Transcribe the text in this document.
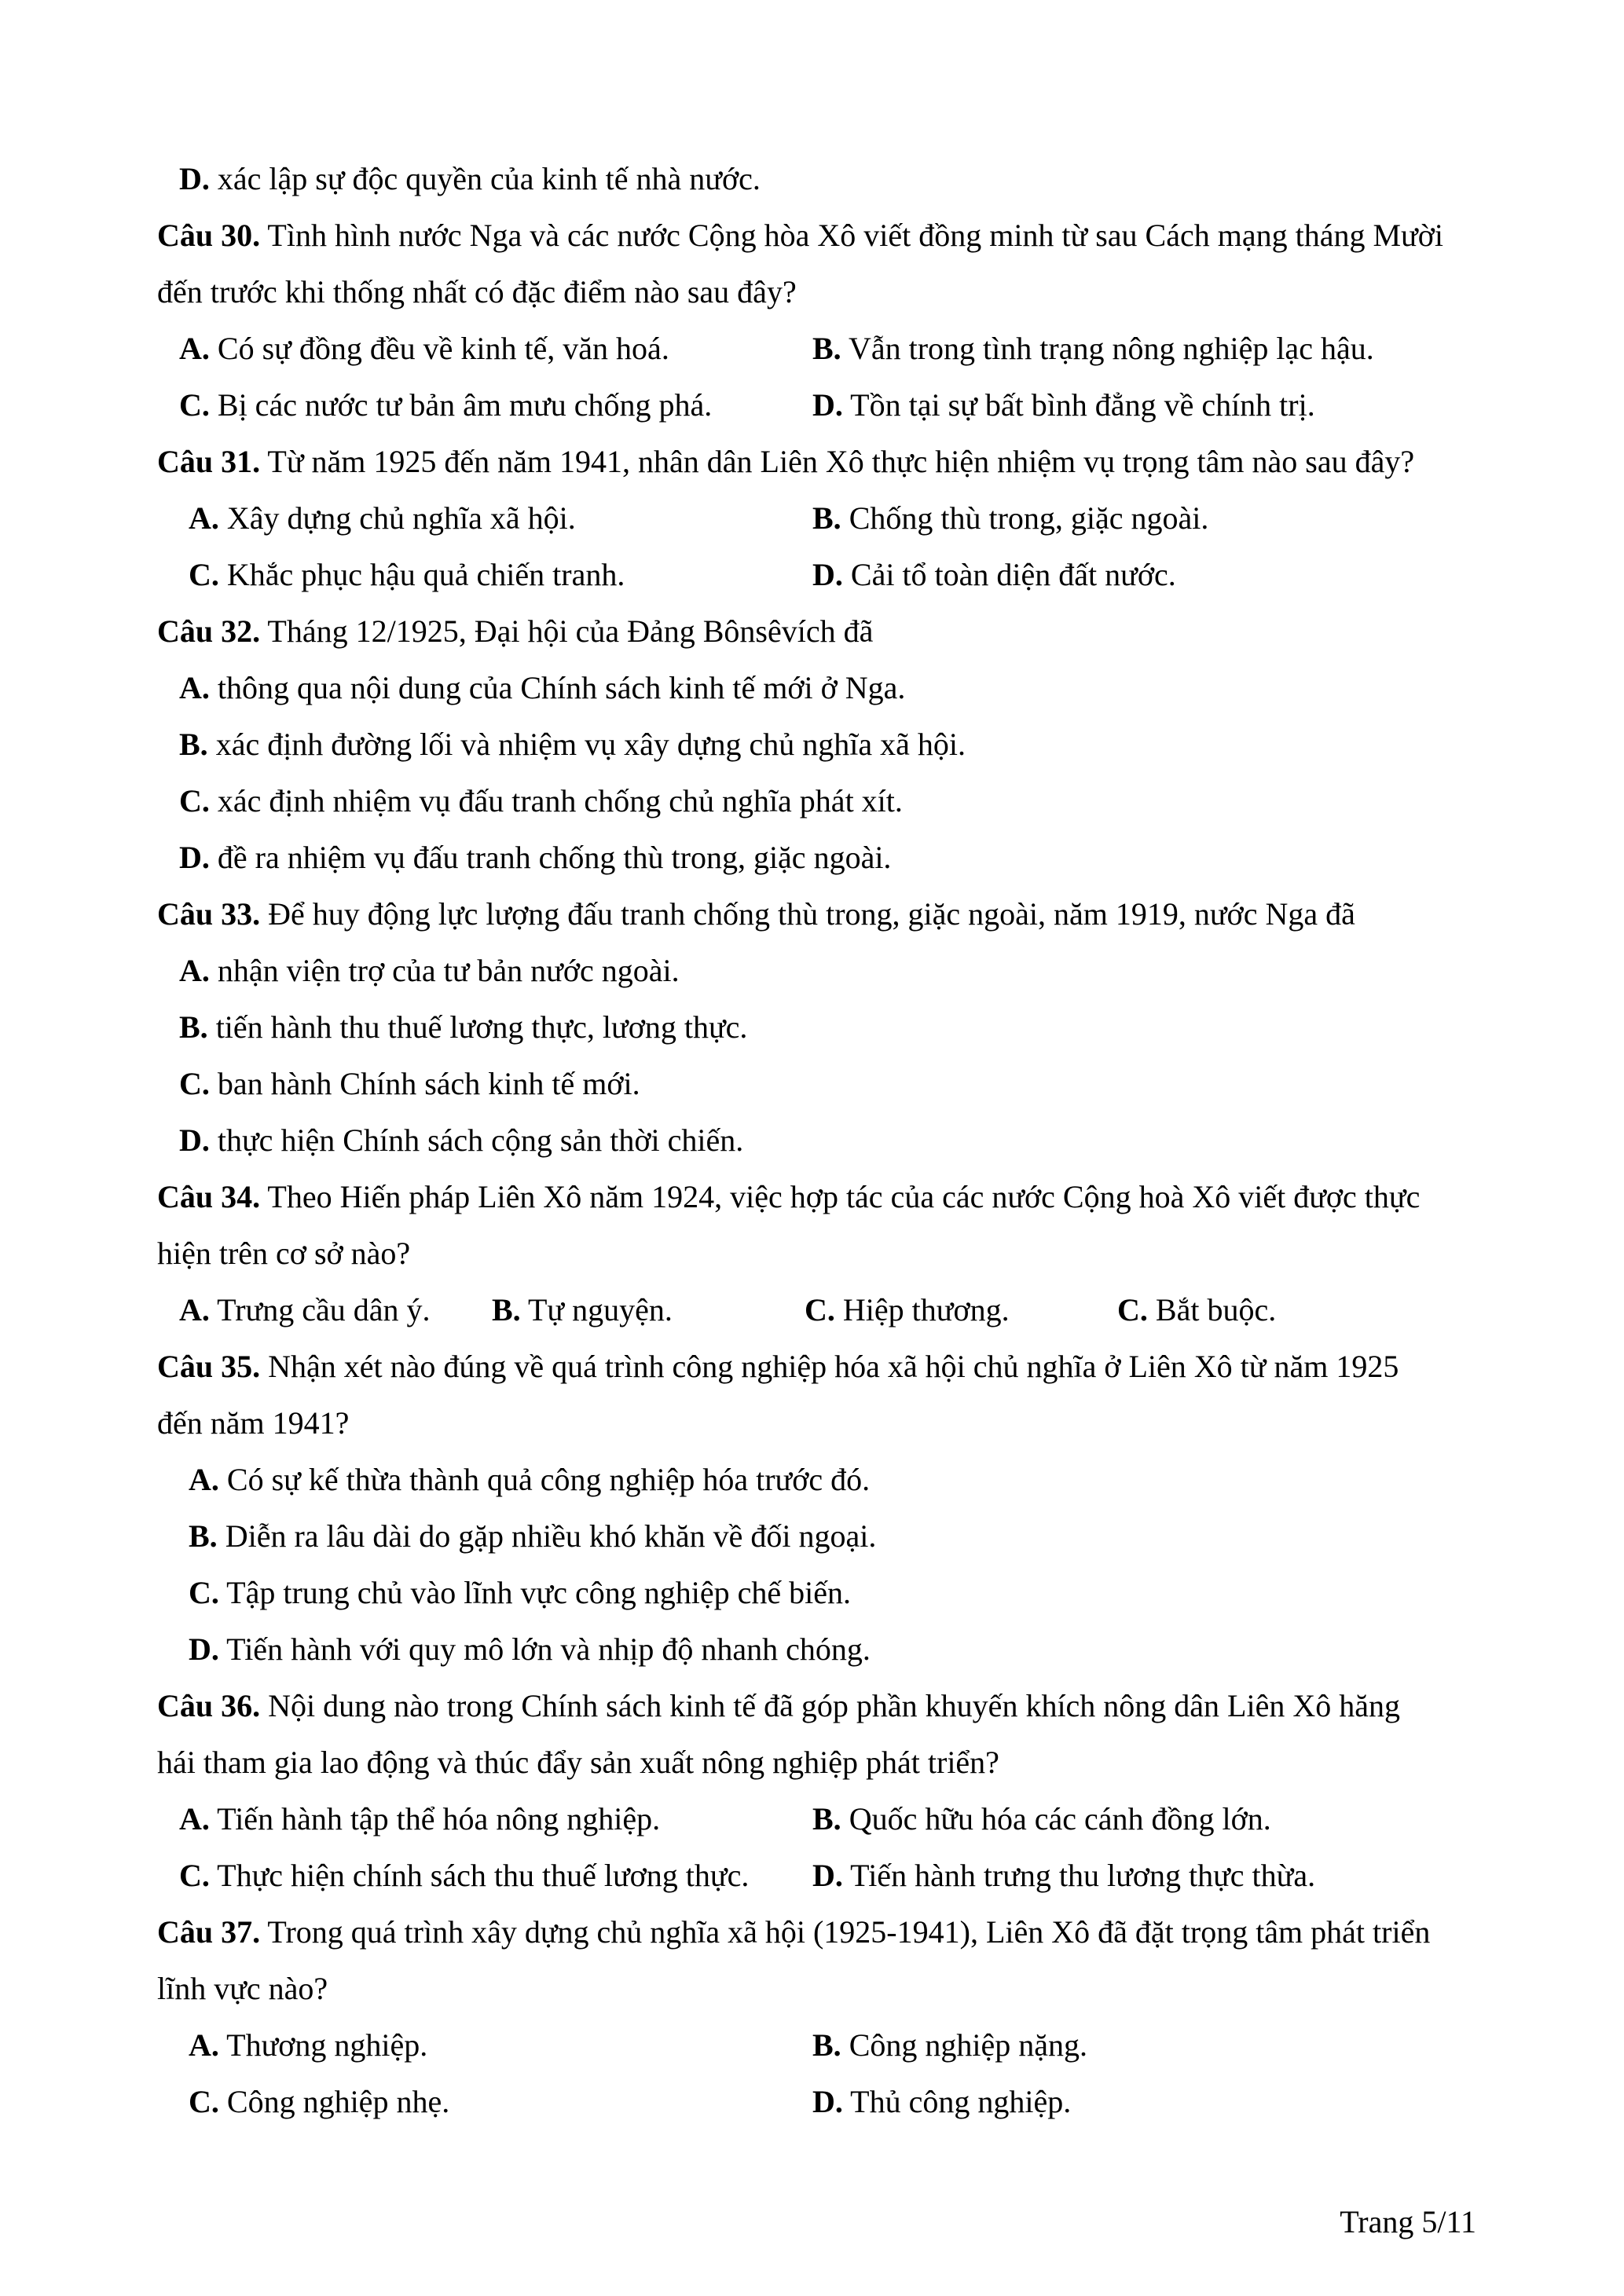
D. xác lập sự độc quyền của kinh tế nhà nước.
Câu 30. Tình hình nước Nga và các nước Cộng hòa Xô viết đồng minh từ sau Cách mạng tháng Mười
đến trước khi thống nhất có đặc điểm nào sau đây?
A. Có sự đồng đều về kinh tế, văn hoá.	B. Vẫn trong tình trạng nông nghiệp lạc hậu.
C. Bị các nước tư bản âm mưu chống phá.	D. Tồn tại sự bất bình đẳng về chính trị.
Câu 31. Từ năm 1925 đến năm 1941, nhân dân Liên Xô thực hiện nhiệm vụ trọng tâm nào sau đây?
A. Xây dựng chủ nghĩa xã hội.	B. Chống thù trong, giặc ngoài.
C. Khắc phục hậu quả chiến tranh.	D. Cải tổ toàn diện đất nước.
Câu 32. Tháng 12/1925, Đại hội của Đảng Bônsêvích đã
A. thông qua nội dung của Chính sách kinh tế mới ở Nga.
B. xác định đường lối và nhiệm vụ xây dựng chủ nghĩa xã hội.
C. xác định nhiệm vụ đấu tranh chống chủ nghĩa phát xít.
D. đề ra nhiệm vụ đấu tranh chống thù trong, giặc ngoài.
Câu 33. Để huy động lực lượng đấu tranh chống thù trong, giặc ngoài, năm 1919, nước Nga đã
A. nhận viện trợ của tư bản nước ngoài.
B. tiến hành thu thuế lương thực, lương thực.
C. ban hành Chính sách kinh tế mới.
D. thực hiện Chính sách cộng sản thời chiến.
Câu 34. Theo Hiến pháp Liên Xô năm 1924, việc hợp tác của các nước Cộng hoà Xô viết được thực
hiện trên cơ sở nào?
A. Trưng cầu dân ý.	B. Tự nguyện.	C. Hiệp thương.	C. Bắt buộc.
Câu 35. Nhận xét nào đúng về quá trình công nghiệp hóa xã hội chủ nghĩa ở Liên Xô từ năm 1925
đến năm 1941?
A. Có sự kế thừa thành quả công nghiệp hóa trước đó.
B. Diễn ra lâu dài do gặp nhiều khó khăn về đối ngoại.
C. Tập trung chủ vào lĩnh vực công nghiệp chế biến.
D. Tiến hành với quy mô lớn và nhịp độ nhanh chóng.
Câu 36. Nội dung nào trong Chính sách kinh tế đã góp phần khuyến khích nông dân Liên Xô hăng
hái tham gia lao động và thúc đẩy sản xuất nông nghiệp phát triển?
A. Tiến hành tập thể hóa nông nghiệp.	B. Quốc hữu hóa các cánh đồng lớn.
C. Thực hiện chính sách thu thuế lương thực.	D. Tiến hành trưng thu lương thực thừa.
Câu 37. Trong quá trình xây dựng chủ nghĩa xã hội (1925-1941), Liên Xô đã đặt trọng tâm phát triển
lĩnh vực nào?
A. Thương nghiệp.	B. Công nghiệp nặng.
C. Công nghiệp nhẹ.	D. Thủ công nghiệp.
Trang 5/11
